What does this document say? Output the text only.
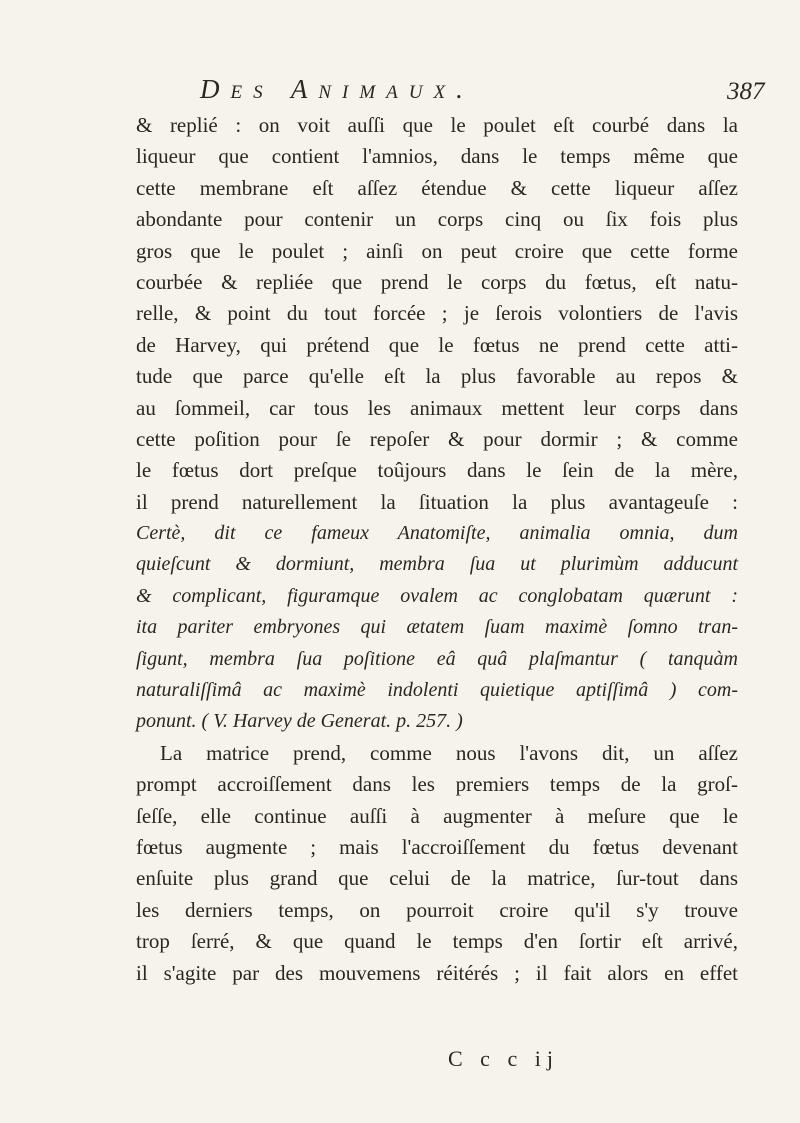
Des Animaux.	387
& replié : on voit auſſi que le poulet eſt courbé dans la
liqueur que contient l'amnios, dans le temps même que
cette membrane eſt aſſez étendue & cette liqueur aſſez
abondante pour contenir un corps cinq ou ſix fois plus
gros que le poulet ; ainſi on peut croire que cette forme
courbée & repliée que prend le corps du fœtus, eſt natu-
relle, & point du tout forcée ; je ſerois volontiers de l'avis
de Harvey, qui prétend que le fœtus ne prend cette atti-
tude que parce qu'elle eſt la plus favorable au repos &
au ſommeil, car tous les animaux mettent leur corps dans
cette poſition pour ſe repoſer & pour dormir ; & comme
le fœtus dort preſque toûjours dans le ſein de la mère,
il prend naturellement la ſituation la plus avantageuſe :
Certè, dit ce fameux Anatomiſte, animalia omnia, dum
quieſcunt & dormiunt, membra ſua ut plurimùm adducunt
& complicant, figuramque ovalem ac conglobatam quærunt :
ita pariter embryones qui ætatem ſuam maximè ſomno tran-
ſigunt, membra ſua poſitione eâ quâ plaſmantur ( tanquàm
naturaliſſimâ ac maximè indolenti quietique aptiſſimâ ) com-
ponunt. ( V. Harvey de Generat. p. 257. )
La matrice prend, comme nous l'avons dit, un aſſez
prompt accroiſſement dans les premiers temps de la groſ-
ſeſſe, elle continue auſſi à augmenter à meſure que le
fœtus augmente ; mais l'accroiſſement du fœtus devenant
enſuite plus grand que celui de la matrice, ſur-tout dans
les derniers temps, on pourroit croire qu'il s'y trouve
trop ſerré, & que quand le temps d'en ſortir eſt arrivé,
il s'agite par des mouvemens réitérés ; il fait alors en effet
C c c ij
